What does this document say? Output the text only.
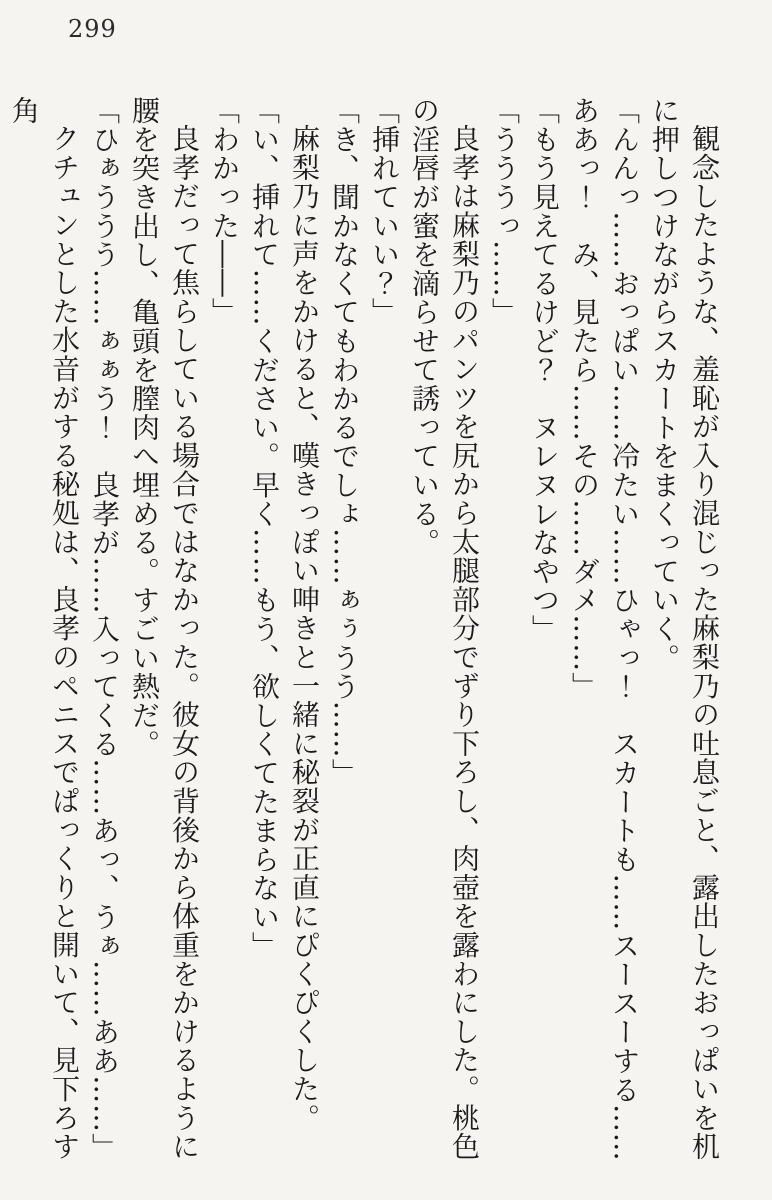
299

観念したような、羞恥が入り混じった麻梨乃の吐息ごと、露出したおっぱいを机に押しつけながらスカートをまくっていく。

「んんっ……おっぱい……冷たい……ひゃっ！　スカートも……スースーする……ああっ！　み、見たら……その……ダメ……」

「もう見えてるけど？　ヌレヌレなやつ」

「うううっ……」

良孝は麻梨乃のパンツを尻から太腿部分でずり下ろし、肉壺を露わにした。桃色の淫唇が蜜を滴らせて誘っている。

「挿れていい？」

「き、聞かなくてもわかるでしょ……ぁぅうう……」

麻梨乃に声をかけると、嘆きっぽい呻きと一緒に秘裂が正直にぴくぴくした。

「い、挿れて……ください。早く……もう、欲しくてたまらない」

「わかった――」

良孝だって焦らしている場合ではなかった。彼女の背後から体重をかけるように腰を突き出し、亀頭を膣肉へ埋める。すごい熱だ。

「ひぁううう……ぁぁう！　良孝が……入ってくる……あっ、うぁ……ああ……」

クチュンとした水音がする秘処は、良孝のペニスでぱっくりと開いて、見下ろす角
